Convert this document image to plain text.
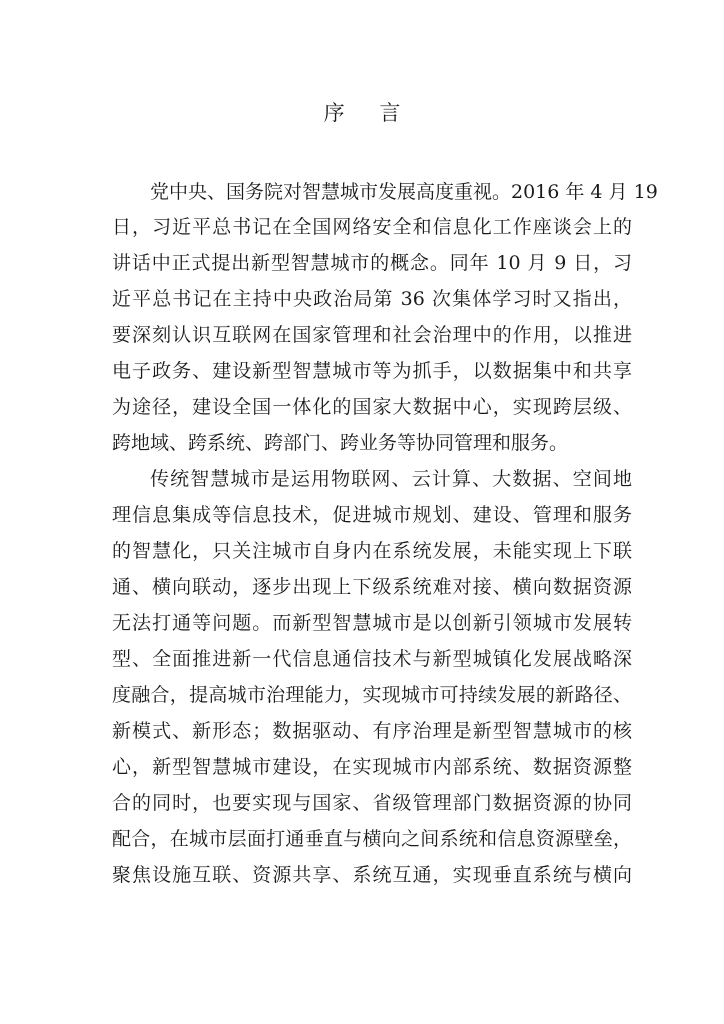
序 言
党中央、国务院对智慧城市发展高度重视。2016 年 4 月 19
日，习近平总书记在全国网络安全和信息化工作座谈会上的
讲话中正式提出新型智慧城市的概念。同年 10 月 9 日，习
近平总书记在主持中央政治局第 36 次集体学习时又指出，
要深刻认识互联网在国家管理和社会治理中的作用，以推进
电子政务、建设新型智慧城市等为抓手，以数据集中和共享
为途径，建设全国一体化的国家大数据中心，实现跨层级、
跨地域、跨系统、跨部门、跨业务等协同管理和服务。
传统智慧城市是运用物联网、云计算、大数据、空间地
理信息集成等信息技术，促进城市规划、建设、管理和服务
的智慧化，只关注城市自身内在系统发展，未能实现上下联
通、横向联动，逐步出现上下级系统难对接、横向数据资源
无法打通等问题。而新型智慧城市是以创新引领城市发展转
型、全面推进新一代信息通信技术与新型城镇化发展战略深
度融合，提高城市治理能力，实现城市可持续发展的新路径、
新模式、新形态；数据驱动、有序治理是新型智慧城市的核
心，新型智慧城市建设，在实现城市内部系统、数据资源整
合的同时，也要实现与国家、省级管理部门数据资源的协同
配合，在城市层面打通垂直与横向之间系统和信息资源壁垒，
聚焦设施互联、资源共享、系统互通，实现垂直系统与横向
